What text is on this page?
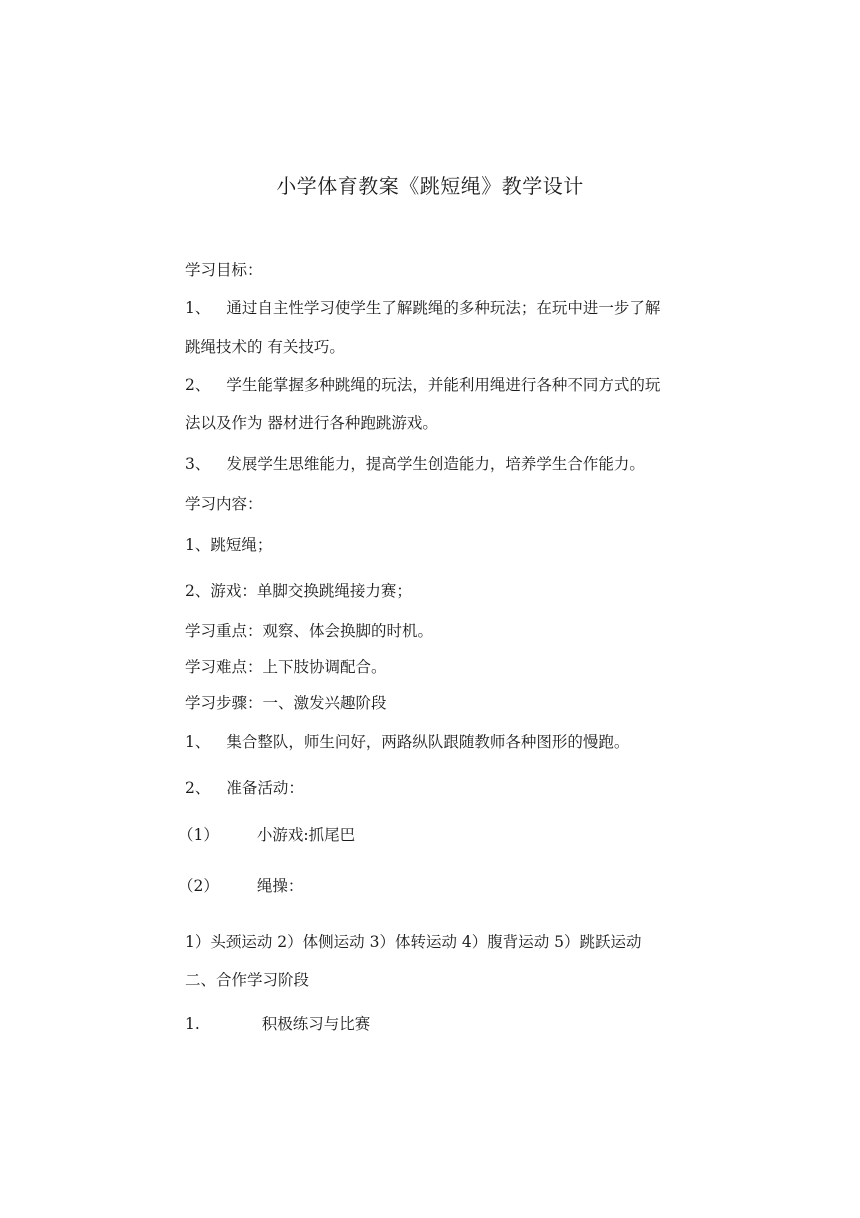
小学体育教案《跳短绳》教学设计
学习目标：
1、 通过自主性学习使学生了解跳绳的多种玩法；在玩中进一步了解
跳绳技术的 有关技巧。
2、 学生能掌握多种跳绳的玩法，并能利用绳进行各种不同方式的玩
法以及作为 器材进行各种跑跳游戏。
3、 发展学生思维能力，提高学生创造能力，培养学生合作能力。
学习内容：
1、跳短绳；
2、游戏：单脚交换跳绳接力赛；
学习重点：观察、体会换脚的时机。
学习难点：上下肢协调配合。
学习步骤：一、激发兴趣阶段
1、 集合整队，师生问好，两路纵队跟随教师各种图形的慢跑。
2、 准备活动：
（1） 小游戏:抓尾巴
（2） 绳操：
1）头颈运动 2）体侧运动 3）体转运动 4）腹背运动 5）跳跃运动
二、合作学习阶段
1.	积极练习与比赛
